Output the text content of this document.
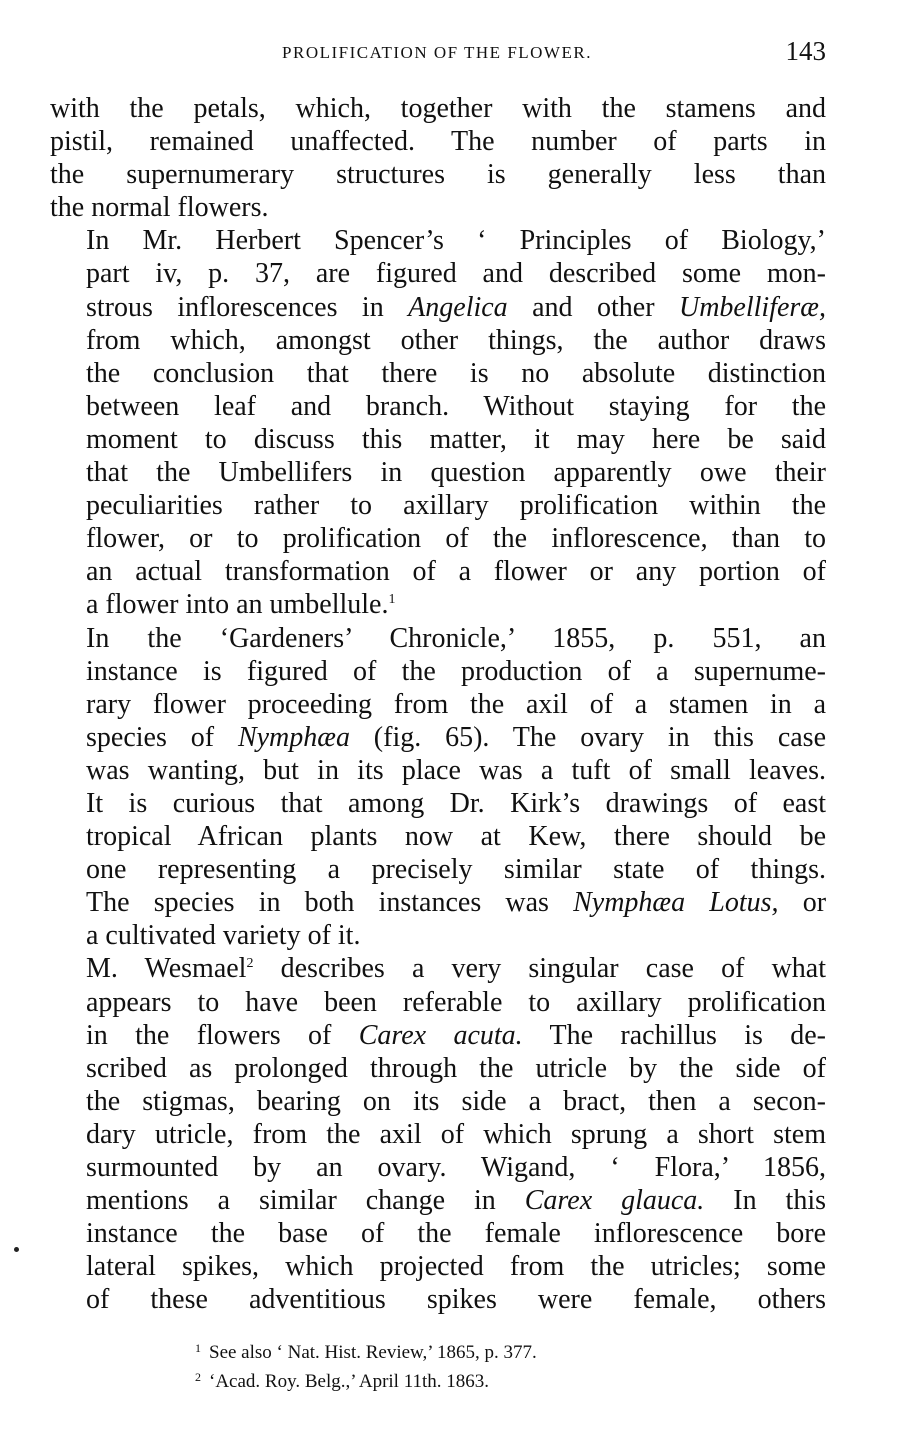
PROLIFICATION OF THE FLOWER.	143

with the petals, which, together with the stamens and
pistil, remained unaffected. The number of parts in
the supernumerary structures is generally less than
the normal flowers.

In Mr. Herbert Spencer’s ‘ Principles of Biology,’
part iv, p. 37, are figured and described some mon-
strous inflorescences in Angelica and other Umbelliferæ,
from which, amongst other things, the author draws
the conclusion that there is no absolute distinction
between leaf and branch. Without staying for the
moment to discuss this matter, it may here be said
that the Umbellifers in question apparently owe their
peculiarities rather to axillary prolification within the
flower, or to prolification of the inflorescence, than to
an actual transformation of a flower or any portion of
a flower into an umbellule.$^1$

In the ‘Gardeners’ Chronicle,’ 1855, p. 551, an
instance is figured of the production of a supernume-
rary flower proceeding from the axil of a stamen in a
species of Nymphæa (fig. 65). The ovary in this case
was wanting, but in its place was a tuft of small leaves.
It is curious that among Dr. Kirk’s drawings of east
tropical African plants now at Kew, there should be
one representing a precisely similar state of things.
The species in both instances was Nymphæa Lotus, or
a cultivated variety of it.

M. Wesmael$^2$ describes a very singular case of what
appears to have been referable to axillary prolification
in the flowers of Carex acuta. The rachillus is de-
scribed as prolonged through the utricle by the side of
the stigmas, bearing on its side a bract, then a secon-
dary utricle, from the axil of which sprung a short stem
surmounted by an ovary. Wigand, ‘ Flora,’ 1856,
mentions a similar change in Carex glauca. In this
instance the base of the female inflorescence bore
lateral spikes, which projected from the utricles; some
of these adventitious spikes were female, others

$^1$ See also ‘ Nat. Hist. Review,’ 1865, p. 377.
$^2$ ‘Acad. Roy. Belg.,’ April 11th. 1863.
